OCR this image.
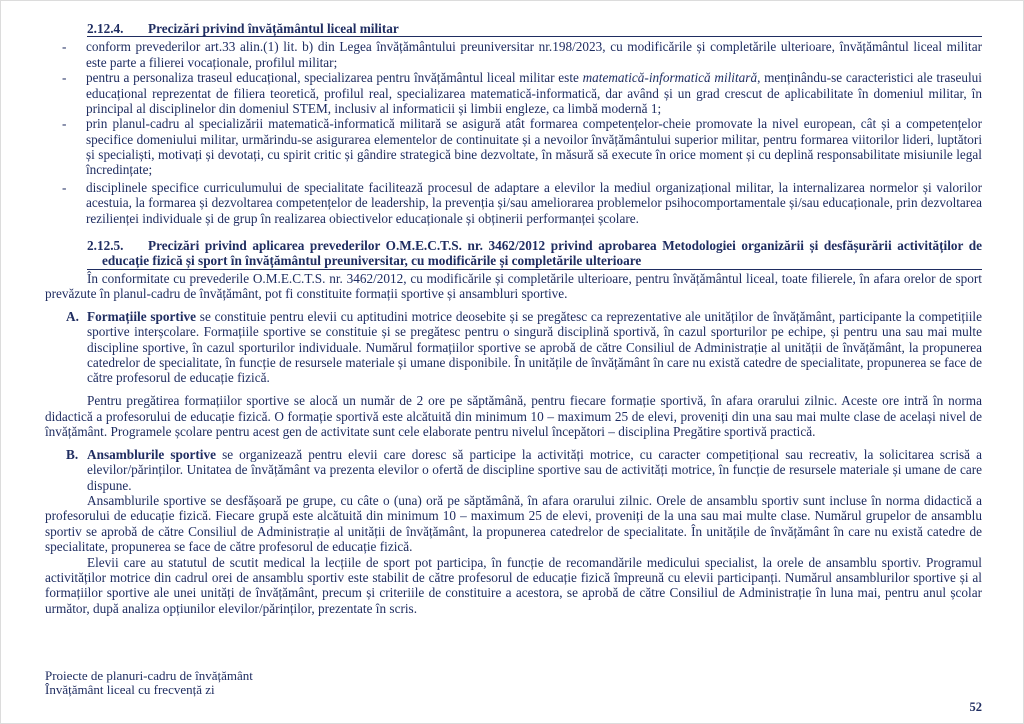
2.12.4. Precizări privind învățământul liceal militar
- conform prevederilor art.33 alin.(1) lit. b) din Legea învățământului preuniversitar nr.198/2023, cu modificările și completările ulterioare, învățământul liceal militar este parte a filierei vocaționale, profilul militar;
- pentru a personaliza traseul educațional, specializarea pentru învățământul liceal militar este matematică-informatică militară, menținându-se caracteristici ale traseului educațional reprezentat de filiera teoretică, profilul real, specializarea matematică-informatică, dar având și un grad crescut de aplicabilitate în domeniul militar, în principal al disciplinelor din domeniul STEM, inclusiv al informaticii și limbii engleze, ca limbă modernă 1;
- prin planul-cadru al specializării matematică-informatică militară se asigură atât formarea competențelor-cheie promovate la nivel european, cât și a competențelor specifice domeniului militar, urmărindu-se asigurarea elementelor de continuitate și a nevoilor învățământului superior militar, pentru formarea viitorilor lideri, luptători și specialiști, motivați și devotați, cu spirit critic și gândire strategică bine dezvoltate, în măsură să execute în orice moment și cu deplină responsabilitate misiunile legal încredințate;
- disciplinele specifice curriculumului de specialitate facilitează procesul de adaptare a elevilor la mediul organizațional militar, la internalizarea normelor și valorilor acestuia, la formarea și dezvoltarea competențelor de leadership, la prevenția și/sau ameliorarea problemelor psihocomportamentale și/sau educaționale, prin dezvoltarea rezilienței individuale și de grup în realizarea obiectivelor educaționale și obținerii performanței școlare.
2.12.5. Precizări privind aplicarea prevederilor O.M.E.C.T.S. nr. 3462/2012 privind aprobarea Metodologiei organizării și desfășurării activităților de educație fizică și sport în învățământul preuniversitar, cu modificările și completările ulterioare

În conformitate cu prevederile O.M.E.C.T.S. nr. 3462/2012, cu modificările și completările ulterioare, pentru învățământul liceal, toate filierele, în afara orelor de sport prevăzute în planul-cadru de învățământ, pot fi constituite formații sportive și ansambluri sportive.

A. Formațiile sportive se constituie pentru elevii cu aptitudini motrice deosebite și se pregătesc ca reprezentative ale unităților de învățământ, participante la competițiile sportive interșcolare. Formațiile sportive se constituie și se pregătesc pentru o singură disciplină sportivă, în cazul sporturilor pe echipe, și pentru una sau mai multe discipline sportive, în cazul sporturilor individuale. Numărul formațiilor sportive se aprobă de către Consiliul de Administrație al unității de învățământ, la propunerea catedrelor de specialitate, în funcție de resursele materiale și umane disponibile. În unitățile de învățământ în care nu există catedre de specialitate, propunerea se face de către profesorul de educație fizică.

Pentru pregătirea formațiilor sportive se alocă un număr de 2 ore pe săptămână, pentru fiecare formație sportivă, în afara orarului zilnic. Aceste ore intră în norma didactică a profesorului de educație fizică. O formație sportivă este alcătuită din minimum 10 – maximum 25 de elevi, proveniți din una sau mai multe clase de același nivel de învățământ. Programele școlare pentru acest gen de activitate sunt cele elaborate pentru nivelul începători – disciplina Pregătire sportivă practică.

B. Ansamblurile sportive se organizează pentru elevii care doresc să participe la activități motrice, cu caracter competițional sau recreativ, la solicitarea scrisă a elevilor/părinților. Unitatea de învățământ va prezenta elevilor o ofertă de discipline sportive sau de activități motrice, în funcție de resursele materiale și umane de care dispune.

Ansamblurile sportive se desfășoară pe grupe, cu câte o (una) oră pe săptămână, în afara orarului zilnic. Orele de ansamblu sportiv sunt incluse în norma didactică a profesorului de educație fizică. Fiecare grupă este alcătuită din minimum 10 – maximum 25 de elevi, proveniți de la una sau mai multe clase. Numărul grupelor de ansamblu sportiv se aprobă de către Consiliul de Administrație al unității de învățământ, la propunerea catedrelor de specialitate. În unitățile de învățământ în care nu există catedre de specialitate, propunerea se face de către profesorul de educație fizică.

Elevii care au statutul de scutit medical la lecțiile de sport pot participa, în funcție de recomandările medicului specialist, la orele de ansamblu sportiv. Programul activităților motrice din cadrul orei de ansamblu sportiv este stabilit de către profesorul de educație fizică împreună cu elevii participanți. Numărul ansamblurilor sportive și al formațiilor sportive ale unei unități de învățământ, precum și criteriile de constituire a acestora, se aprobă de către Consiliul de Administrație în luna mai, pentru anul școlar următor, după analiza opțiunilor elevilor/părinților, prezentate în scris.

Proiecte de planuri-cadru de învățământ
Învățământ liceal cu frecvență zi
52
